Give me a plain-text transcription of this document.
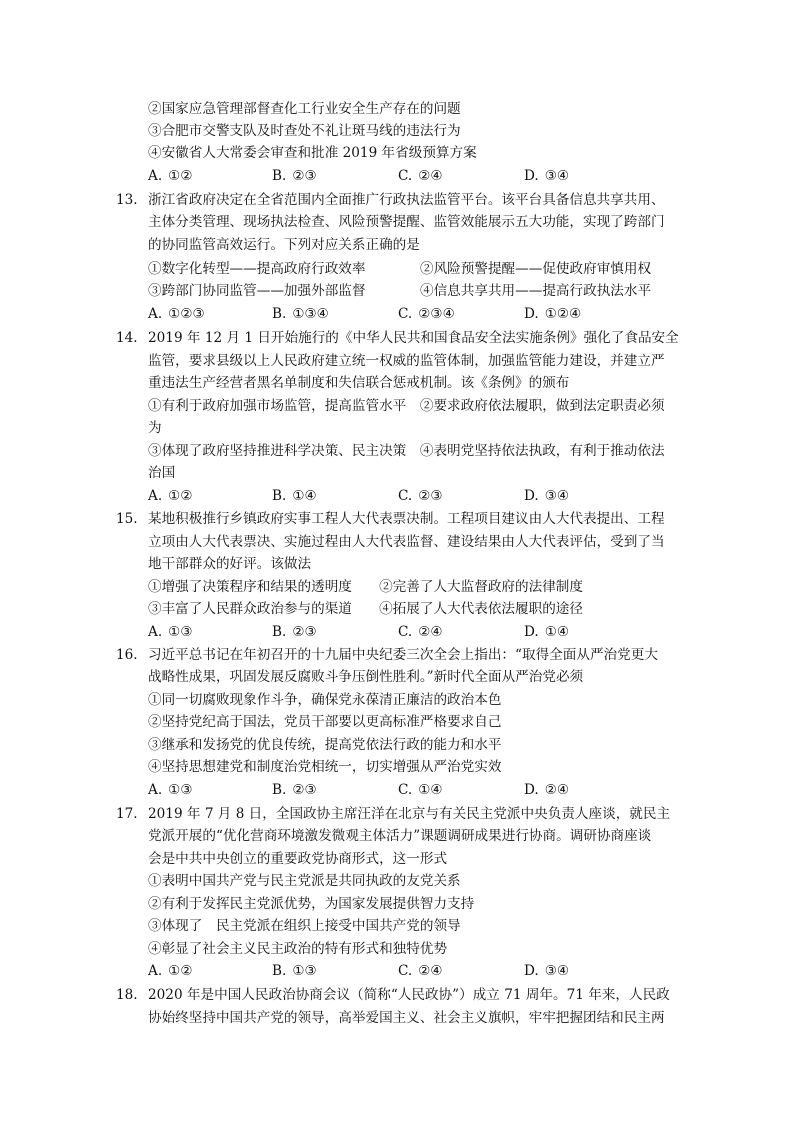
②国家应急管理部督查化工行业安全生产存在的问题
③合肥市交警支队及时查处不礼让斑马线的违法行为
④安徽省人大常委会审查和批准 2019 年省级预算方案
A. ①②	B. ②③	C. ②④	D. ③④
13. 浙江省政府决定在全省范围内全面推广行政执法监管平台。该平台具备信息共享共用、
主体分类管理、现场执法检查、风险预警提醒、监管效能展示五大功能，实现了跨部门
的协同监管高效运行。下列对应关系正确的是
①数字化转型——提高政府行政效率	②风险预警提醒——促使政府审慎用权
③跨部门协同监管——加强外部监督	④信息共享共用——提高行政执法水平
A. ①②③	B. ①③④	C. ②③④	D. ①②④
14. 2019 年 12 月 1 日开始施行的《中华人民共和国食品安全法实施条例》强化了食品安全
监管，要求县级以上人民政府建立统一权威的监管体制，加强监管能力建设，并建立严
重违法生产经营者黑名单制度和失信联合惩戒机制。该《条例》的颁布
①有利于政府加强市场监管，提高监管水平　②要求政府依法履职，做到法定职责必须
为
③体现了政府坚持推进科学决策、民主决策　④表明党坚持依法执政，有利于推动依法
治国
A. ①②	B. ①④	C. ②③	D. ③④
15. 某地积极推行乡镇政府实事工程人大代表票决制。工程项目建议由人大代表提出、工程
立项由人大代表票决、实施过程由人大代表监督、建设结果由人大代表评估，受到了当
地干部群众的好评。该做法
①增强了决策程序和结果的透明度　　②完善了人大监督政府的法律制度
③丰富了人民群众政治参与的渠道　　④拓展了人大代表依法履职的途径
A. ①③	B. ②③	C. ②④	D. ①④
16. 习近平总书记在年初召开的十九届中央纪委三次全会上指出：“取得全面从严治党更大
战略性成果，巩固发展反腐败斗争压倒性胜利。”新时代全面从严治党必须
①同一切腐败现象作斗争，确保党永葆清正廉洁的政治本色
②坚持党纪高于国法，党员干部要以更高标准严格要求自己
③继承和发扬党的优良传统，提高党依法行政的能力和水平
④坚持思想建党和制度治党相统一，切实增强从严治党实效
A. ①③	B. ②③	C. ①④	D. ②④
17. 2019 年 7 月 8 日，全国政协主席汪洋在北京与有关民主党派中央负责人座谈，就民主
党派开展的“优化营商环境激发微观主体活力”课题调研成果进行协商。调研协商座谈
会是中共中央创立的重要政党协商形式，这一形式
①表明中国共产党与民主党派是共同执政的友党关系
②有利于发挥民主党派优势，为国家发展提供智力支持
③体现了　民主党派在组织上接受中国共产党的领导
④彰显了社会主义民主政治的特有形式和独特优势
A. ①②	B. ①③	C. ②④	D. ③④
18. 2020 年是中国人民政治协商会议（简称“人民政协”）成立 71 周年。71 年来，人民政
协始终坚持中国共产党的领导，高举爱国主义、社会主义旗帜，牢牢把握团结和民主两
